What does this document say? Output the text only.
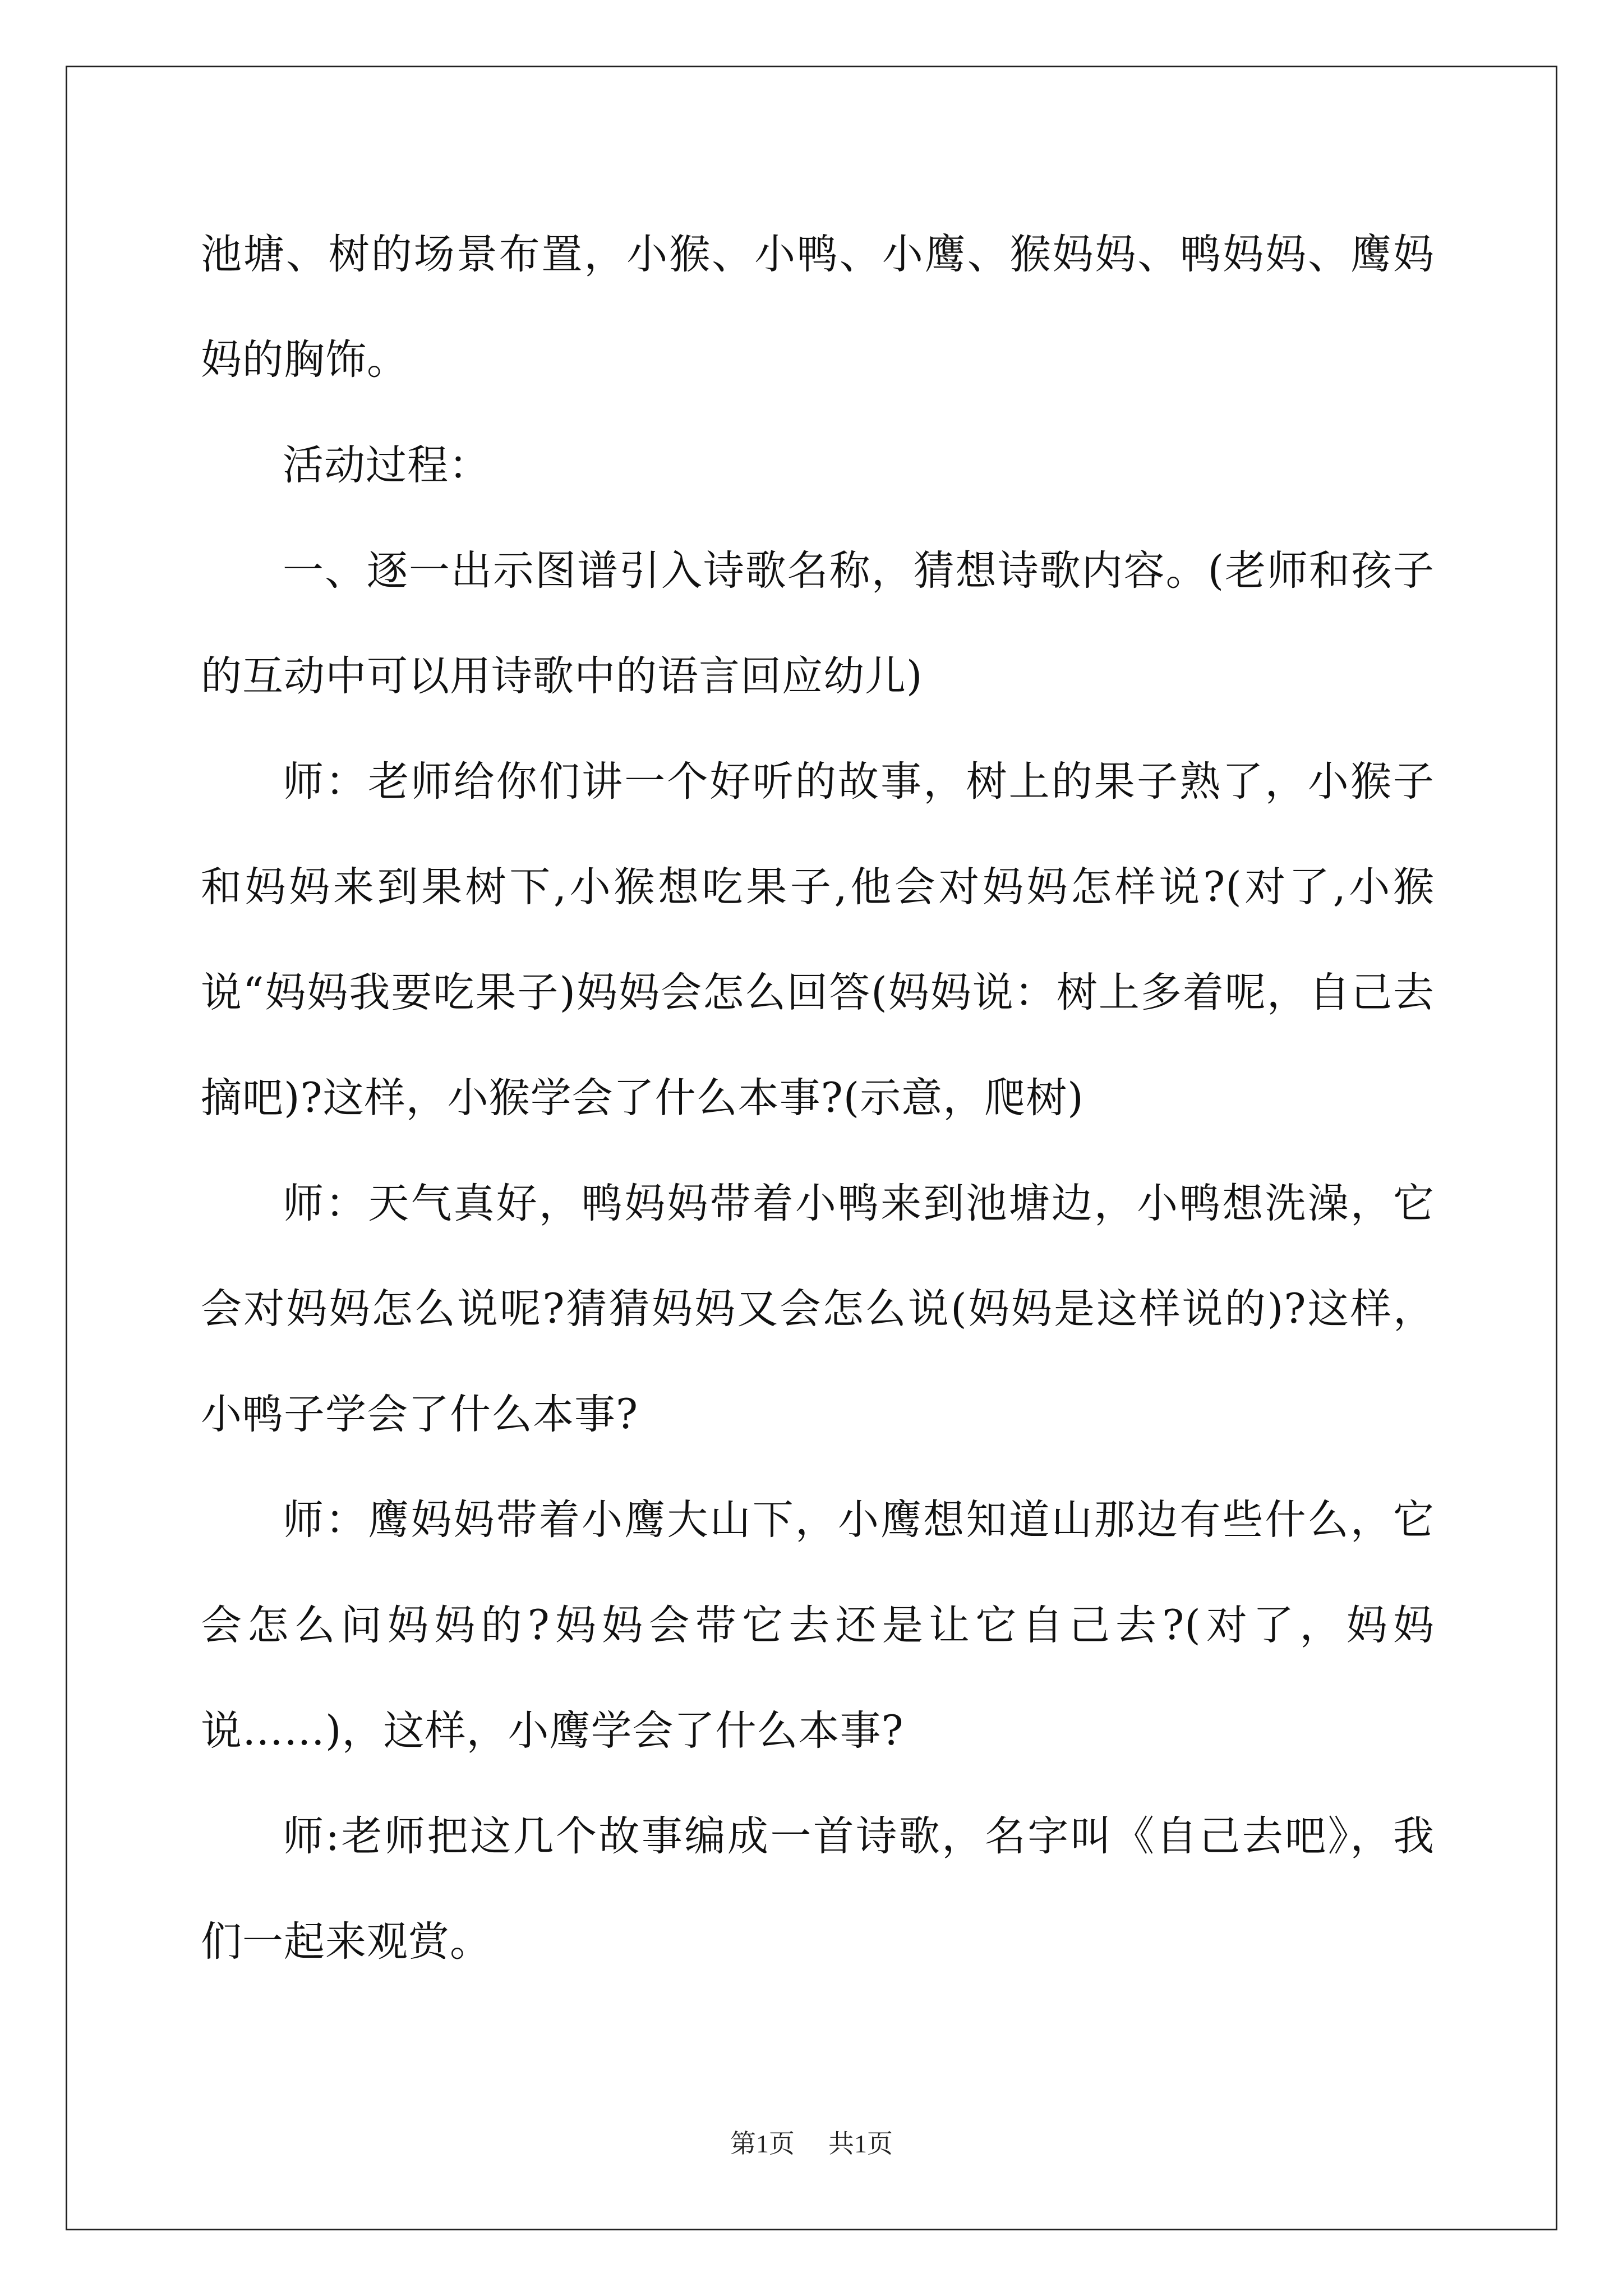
池塘、树的场景布置，小猴、小鸭、小鹰、猴妈妈、鸭妈妈、鹰妈妈的胸饰。

活动过程：

一、逐一出示图谱引入诗歌名称，猜想诗歌内容。(老师和孩子的互动中可以用诗歌中的语言回应幼儿)

师：老师给你们讲一个好听的故事，树上的果子熟了，小猴子和妈妈来到果树下,小猴想吃果子,他会对妈妈怎样说?(对了,小猴说“妈妈我要吃果子)妈妈会怎么回答(妈妈说：树上多着呢，自己去摘吧)?这样，小猴学会了什么本事?(示意，爬树)

师：天气真好，鸭妈妈带着小鸭来到池塘边，小鸭想洗澡，它会对妈妈怎么说呢?猜猜妈妈又会怎么说(妈妈是这样说的)?这样，小鸭子学会了什么本事?

师：鹰妈妈带着小鹰大山下，小鹰想知道山那边有些什么，它会怎么问妈妈的?妈妈会带它去还是让它自己去?(对了，妈妈说……)，这样，小鹰学会了什么本事?

师:老师把这几个故事编成一首诗歌，名字叫《自己去吧》，我们一起来观赏。

第1页 共1页
